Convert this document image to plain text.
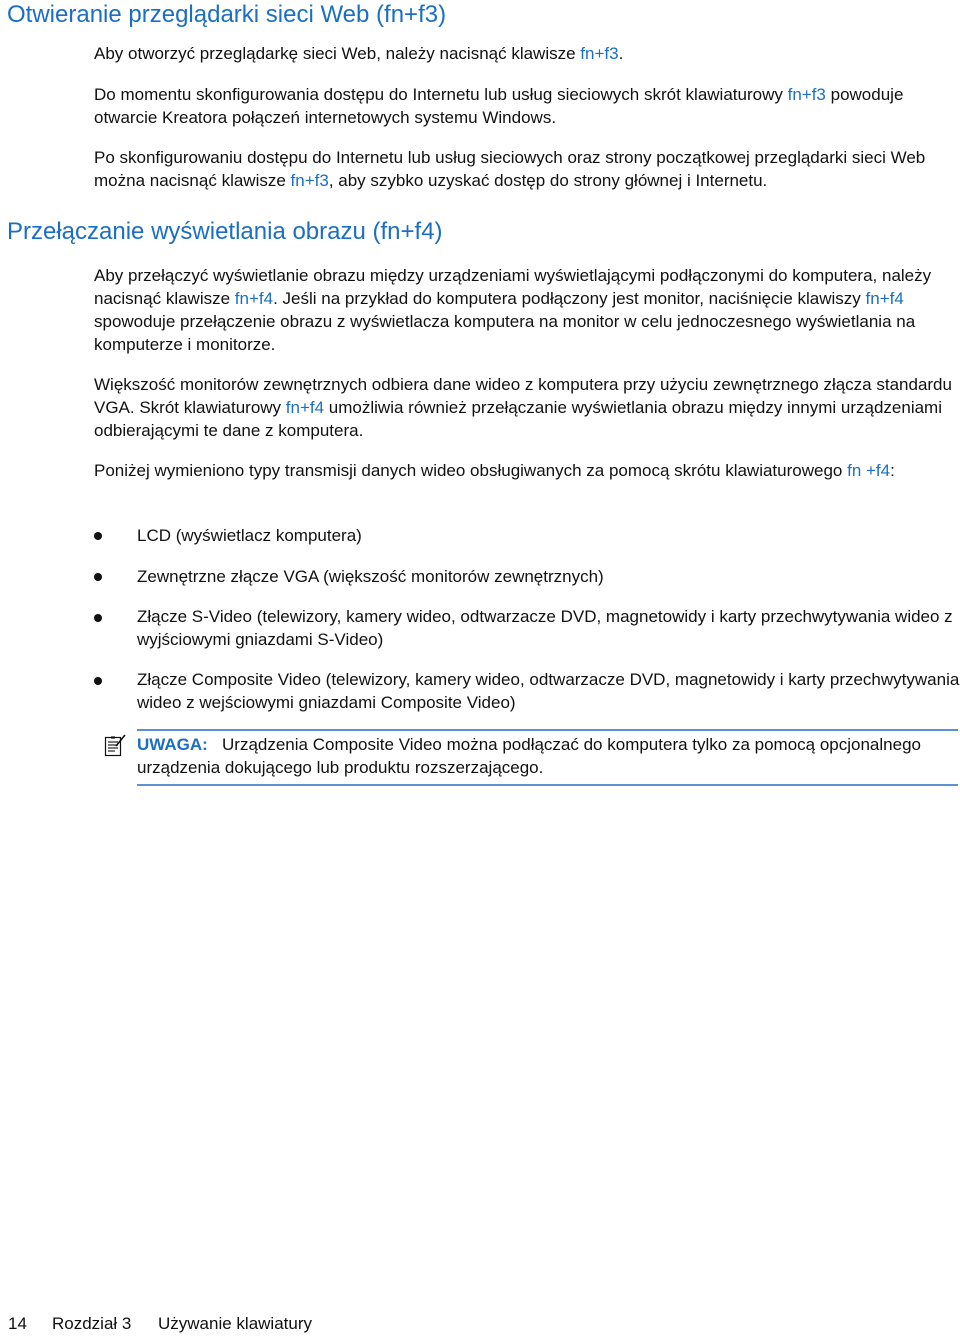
Otwieranie przeglądarki sieci Web (fn+f3)

Aby otworzyć przeglądarkę sieci Web, należy nacisnąć klawisze fn+f3.

Do momentu skonfigurowania dostępu do Internetu lub usług sieciowych skrót klawiaturowy fn+f3 powoduje otwarcie Kreatora połączeń internetowych systemu Windows.

Po skonfigurowaniu dostępu do Internetu lub usług sieciowych oraz strony początkowej przeglądarki sieci Web można nacisnąć klawisze fn+f3, aby szybko uzyskać dostęp do strony głównej i Internetu.

Przełączanie wyświetlania obrazu (fn+f4)

Aby przełączyć wyświetlanie obrazu między urządzeniami wyświetlającymi podłączonymi do komputera, należy nacisnąć klawisze fn+f4. Jeśli na przykład do komputera podłączony jest monitor, naciśnięcie klawiszy fn+f4 spowoduje przełączenie obrazu z wyświetlacza komputera na monitor w celu jednoczesnego wyświetlania na komputerze i monitorze.

Większość monitorów zewnętrznych odbiera dane wideo z komputera przy użyciu zewnętrznego złącza standardu VGA. Skrót klawiaturowy fn+f4 umożliwia również przełączanie wyświetlania obrazu między innymi urządzeniami odbierającymi te dane z komputera.

Poniżej wymieniono typy transmisji danych wideo obsługiwanych za pomocą skrótu klawiaturowego fn +f4:

LCD (wyświetlacz komputera)

Zewnętrzne złącze VGA (większość monitorów zewnętrznych)

Złącze S-Video (telewizory, kamery wideo, odtwarzacze DVD, magnetowidy i karty przechwytywania wideo z wyjściowymi gniazdami S-Video)

Złącze Composite Video (telewizory, kamery wideo, odtwarzacze DVD, magnetowidy i karty przechwytywania wideo z wejściowymi gniazdami Composite Video)

UWAGA: Urządzenia Composite Video można podłączać do komputera tylko za pomocą opcjonalnego urządzenia dokującego lub produktu rozszerzającego.

14 Rozdział 3 Używanie klawiatury
